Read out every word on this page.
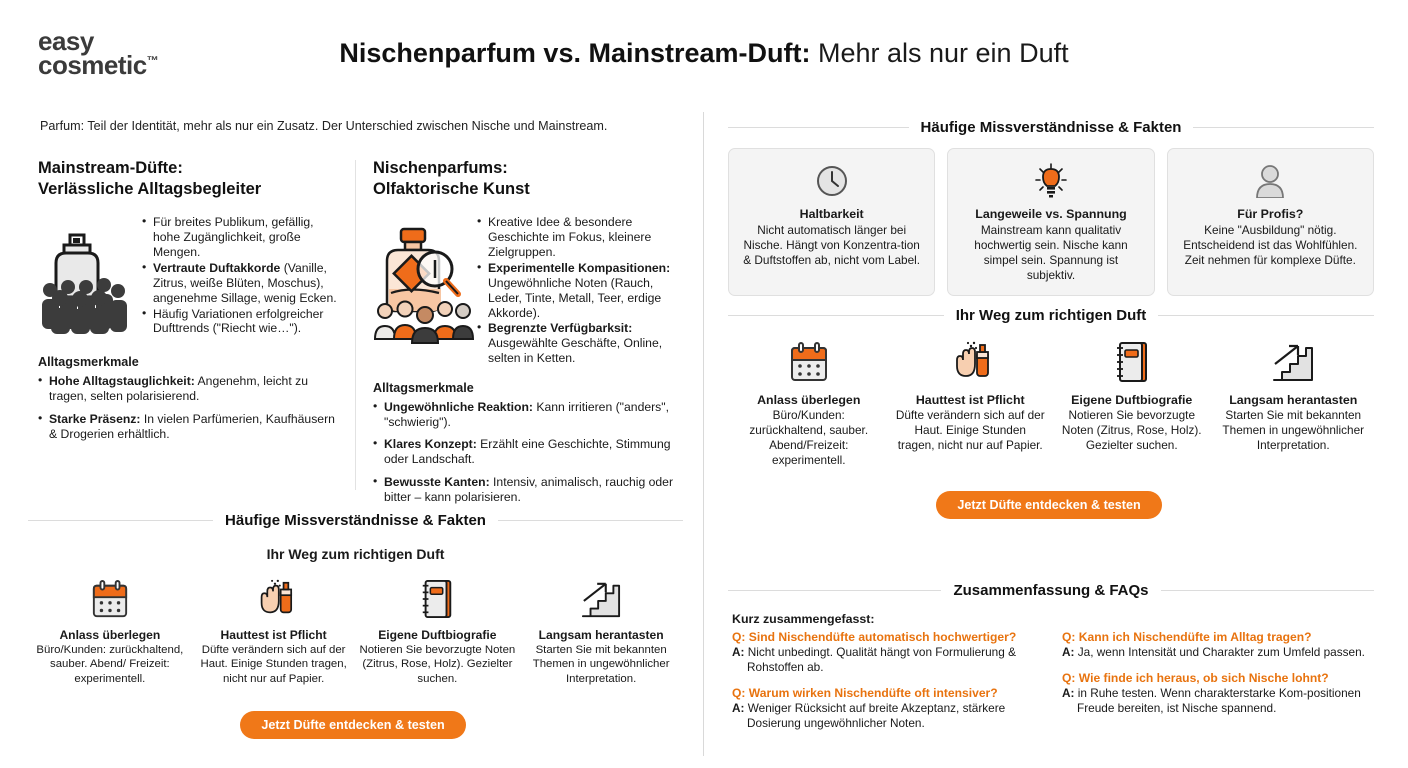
easy
cosmetic™	Nischenparfum vs. Mainstream-Duft: Mehr als nur ein Duft
Parfum: Teil der Identität, mehr als nur ein Zusatz. Der Unterschied zwischen Nische und Mainstream.
Mainstream-Düfte:
Verlässliche Alltagsbegleiter
• Für breites Publikum, gefällig, hohe Zugänglichkeit, große Mengen.
• Vertraute Duftakkorde (Vanille, Zitrus, weiße Blüten, Moschus), angenehme Sillage, wenig Ecken.
• Häufig Variationen erfolgreicher Dufttrends ("Riecht wie…").
Alltagsmerkmale
• Hohe Alltagstauglichkeit: Angenehm, leicht zu tragen, selten polarisierend.
• Starke Präsenz: In vielen Parfümerien, Kaufhäusern & Drogerien erhältlich.
Nischenparfums:
Olfaktorische Kunst
• Kreative Idee & besondere Geschichte im Fokus, kleinere Zielgruppen.
• Experimentelle Kompasitionen: Ungewöhnliche Noten (Rauch, Leder, Tinte, Metall, Teer, erdige Akkorde).
• Begrenzte Verfügbarksit: Ausgewählte Geschäfte, Online, selten in Ketten.
Alltagsmerkmale
• Ungewöhnliche Reaktion: Kann irritieren ("anders", "schwierig").
• Klares Konzept: Erzählt eine Geschichte, Stimmung oder Landschaft.
• Bewusste Kanten: Intensiv, animalisch, rauchig oder bitter – kann polarisieren.
Häufige Missverständnisse & Fakten
Haltbarkeit
Nicht automatisch länger bei Nische. Hängt von Konzentra-tion & Duftstoffen ab, nicht vom Label.
Langeweile vs. Spannung
Mainstream kann qualitativ hochwertig sein. Nische kann simpel sein. Spannung ist subjektiv.
Für Profis?
Keine "Ausbildung" nötig. Entscheidend ist das Wohlfühlen. Zeit nehmen für komplexe Düfte.
Ihr Weg zum richtigen Duft
Anlass überlegen
Büro/Kunden: zurückhaltend, sauber. Abend/Freizeit: experimentell.
Hauttest ist Pflicht
Düfte verändern sich auf der Haut. Einige Stunden tragen, nicht nur auf Papier.
Eigene Duftbiografie
Notieren Sie bevorzugte Noten (Zitrus, Rose, Holz). Gezielter suchen.
Langsam herantasten
Starten Sie mit bekannten Themen in ungewöhnlicher Interpretation.
Jetzt Düfte entdecken & testen
Zusammenfassung & FAQs
Kurz zusammengefasst:
Q: Sind Nischendüfte automatisch hochwertiger?
A: Nicht unbedingt. Qualität hängt von Formulierung & Rohstoffen ab.
Q: Warum wirken Nischendüfte oft intensiver?
A: Weniger Rücksicht auf breite Akzeptanz, stärkere Dosierung ungewöhnlicher Noten.
Q: Kann ich Nischendüfte im Alltag tragen?
A: Ja, wenn Intensität und Charakter zum Umfeld passen.
Q: Wie finde ich heraus, ob sich Nische lohnt?
A: in Ruhe testen. Wenn charakterstarke Kom-positionen Freude bereiten, ist Nische spannend.
Häufige Missverständnisse & Fakten
Ihr Weg zum richtigen Duft
Anlass überlegen
Büro/Kunden: zurückhaltend, sauber. Abend/ Freizeit: experimentell.
Hauttest ist Pflicht
Düfte verändern sich auf der Haut. Einige Stunden tragen, nicht nur auf Papier.
Eigene Duftbiografie
Notieren Sie bevorzugte Noten (Zitrus, Rose, Holz). Gezielter suchen.
Langsam herantasten
Starten Sie mit bekannten Themen in ungewöhnlicher Interpretation.
Jetzt Düfte entdecken & testen
